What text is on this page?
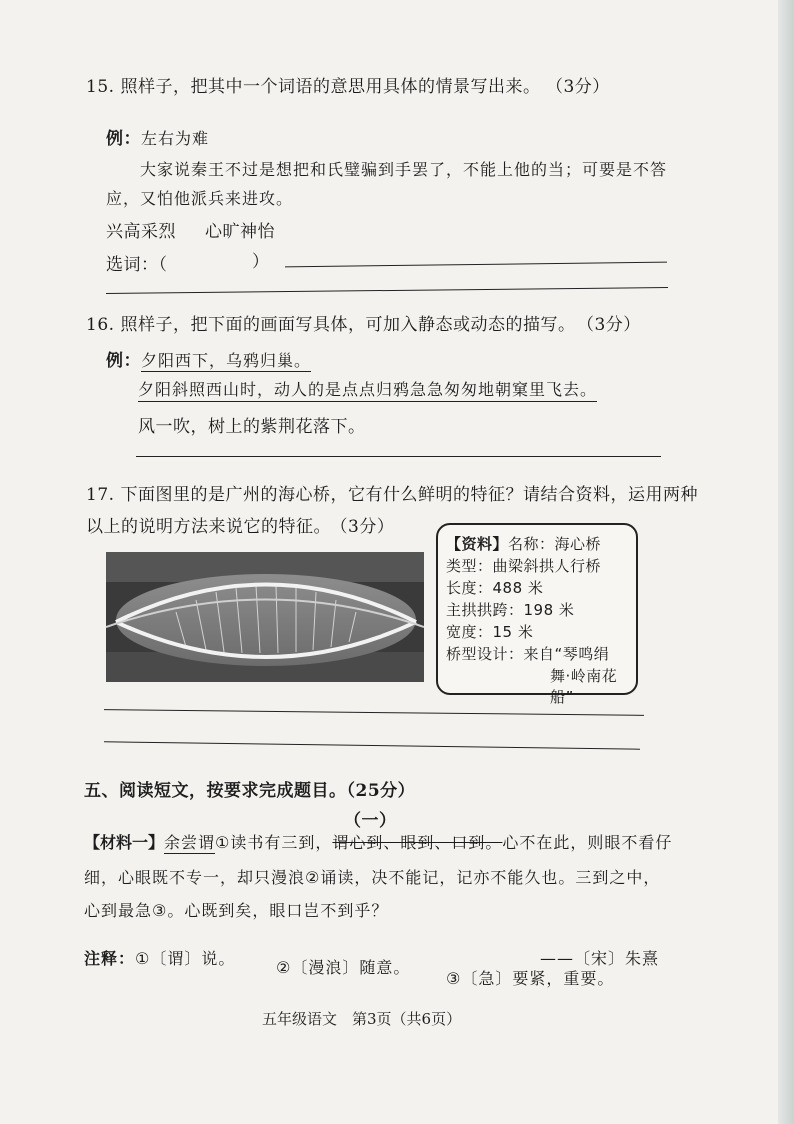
15. 照样子，把其中一个词语的意思用具体的情景写出来。 （3分）
例：左右为难
大家说秦王不过是想把和氏璧骗到手罢了，不能上他的当；可要是不答
应，又怕他派兵来进攻。
兴高采烈 心旷神怡
选词：（	）
16. 照样子，把下面的画面写具体，可加入静态或动态的描写。 （3分）
例：夕阳西下，乌鸦归巢。
夕阳斜照西山时，动人的是点点归鸦急急匆匆地朝窠里飞去。
风一吹，树上的紫荆花落下。
17. 下面图里的是广州的海心桥，它有什么鲜明的特征？请结合资料，运用两种
以上的说明方法来说它的特征。 （3分）
【资料】名称：海心桥
类型：曲梁斜拱人行桥
长度：488 米
主拱拱跨：198 米
宽度：15 米
桥型设计：来自“琴鸣绢
舞·岭南花船”
五、阅读短文，按要求完成题目。（25分）
（一）
【材料一】余尝谓①读书有三到，谓心到、眼到、口到。心不在此，则眼不看仔
细，心眼既不专一，却只漫浪②诵读，决不能记，记亦不能久也。三到之中，
心到最急③。心既到矣，眼口岂不到乎？
注释：①〔谓〕说。	②〔漫浪〕随意。	——〔宋〕朱熹
③〔急〕要紧，重要。
五年级语文　第3页（共6页）
